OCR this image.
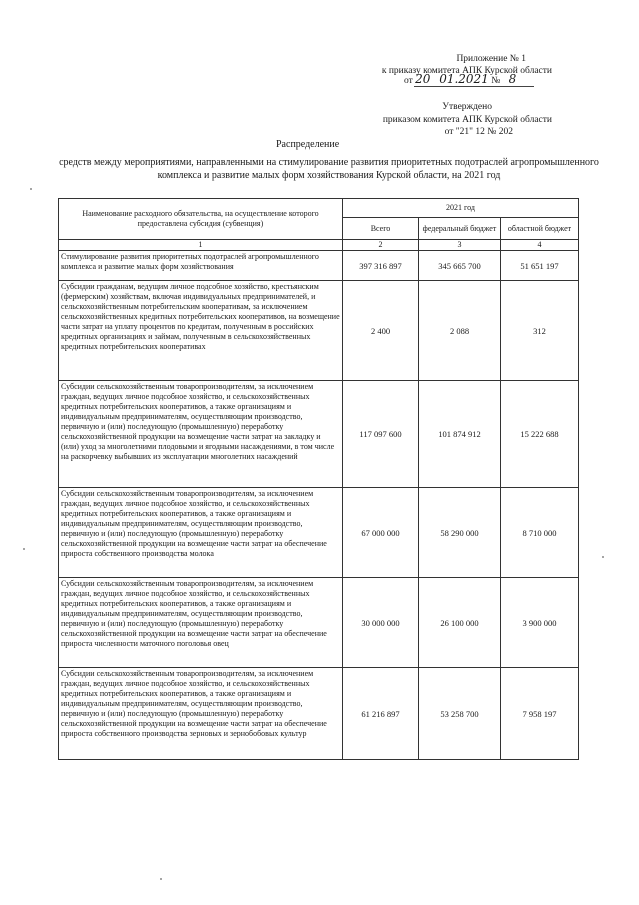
Приложение № 1
к приказу комитета АПК Курской области
от 20 01.2021 № 8
Утверждено
приказом комитета АПК Курской области
от "21" 12 № 202
Распределение
средств между мероприятиями, направленными на стимулирование развития приоритетных подотраслей агропромышленного комплекса и развитие малых форм хозяйствования Курской области, на 2021 год
Наименование расходного обязательства, на осуществление которого предоставлена субсидия (субвенция)	2021 год		
	Всего	федеральный бюджет	областной бюджет
1	2	3	4
Стимулирование развития приоритетных подотраслей агропромышленного комплекса и развитие малых форм хозяйствования	397 316 897	345 665 700	51 651 197
Субсидии гражданам, ведущим личное подсобное хозяйство, крестьянским (фермерским) хозяйствам, включая индивидуальных предпринимателей, и сельскохозяйственным потребительским кооперативам, за исключением сельскохозяйственных кредитных потребительских кооперативов, на возмещение части затрат на уплату процентов по кредитам, полученным в российских кредитных организациях и займам, полученным в сельскохозяйственных кредитных потребительских кооперативах	2 400	2 088	312
Субсидии сельскохозяйственным товаропроизводителям, за исключением граждан, ведущих личное подсобное хозяйство, и сельскохозяйственных кредитных потребительских кооперативов, а также организациям и индивидуальным предпринимателям, осуществляющим производство, первичную и (или) последующую (промышленную) переработку сельскохозяйственной продукции на возмещение части затрат на закладку и (или) уход за многолетними плодовыми и ягодными насаждениями, в том числе на раскорчевку выбывших из эксплуатации многолетних насаждений	117 097 600	101 874 912	15 222 688
Субсидии сельскохозяйственным товаропроизводителям, за исключением граждан, ведущих личное подсобное хозяйство, и сельскохозяйственных кредитных потребительских кооперативов, а также организациям и индивидуальным предпринимателям, осуществляющим производство, первичную и (или) последующую (промышленную) переработку сельскохозяйственной продукции на возмещение части затрат на обеспечение прироста собственного производства молока	67 000 000	58 290 000	8 710 000
Субсидии сельскохозяйственным товаропроизводителям, за исключением граждан, ведущих личное подсобное хозяйство, и сельскохозяйственных кредитных потребительских кооперативов, а также организациям и индивидуальным предпринимателям, осуществляющим производство, первичную и (или) последующую (промышленную) переработку сельскохозяйственной продукции на возмещение части затрат на обеспечение прироста численности маточного поголовья овец	30 000 000	26 100 000	3 900 000
Субсидии сельскохозяйственным товаропроизводителям, за исключением граждан, ведущих личное подсобное хозяйство, и сельскохозяйственных кредитных потребительских кооперативов, а также организациям и индивидуальным предпринимателям, осуществляющим производство, первичную и (или) последующую (промышленную) переработку сельскохозяйственной продукции на возмещение части затрат на обеспечение прироста собственного производства зерновых и зернобобовых культур	61 216 897	53 258 700	7 958 197
